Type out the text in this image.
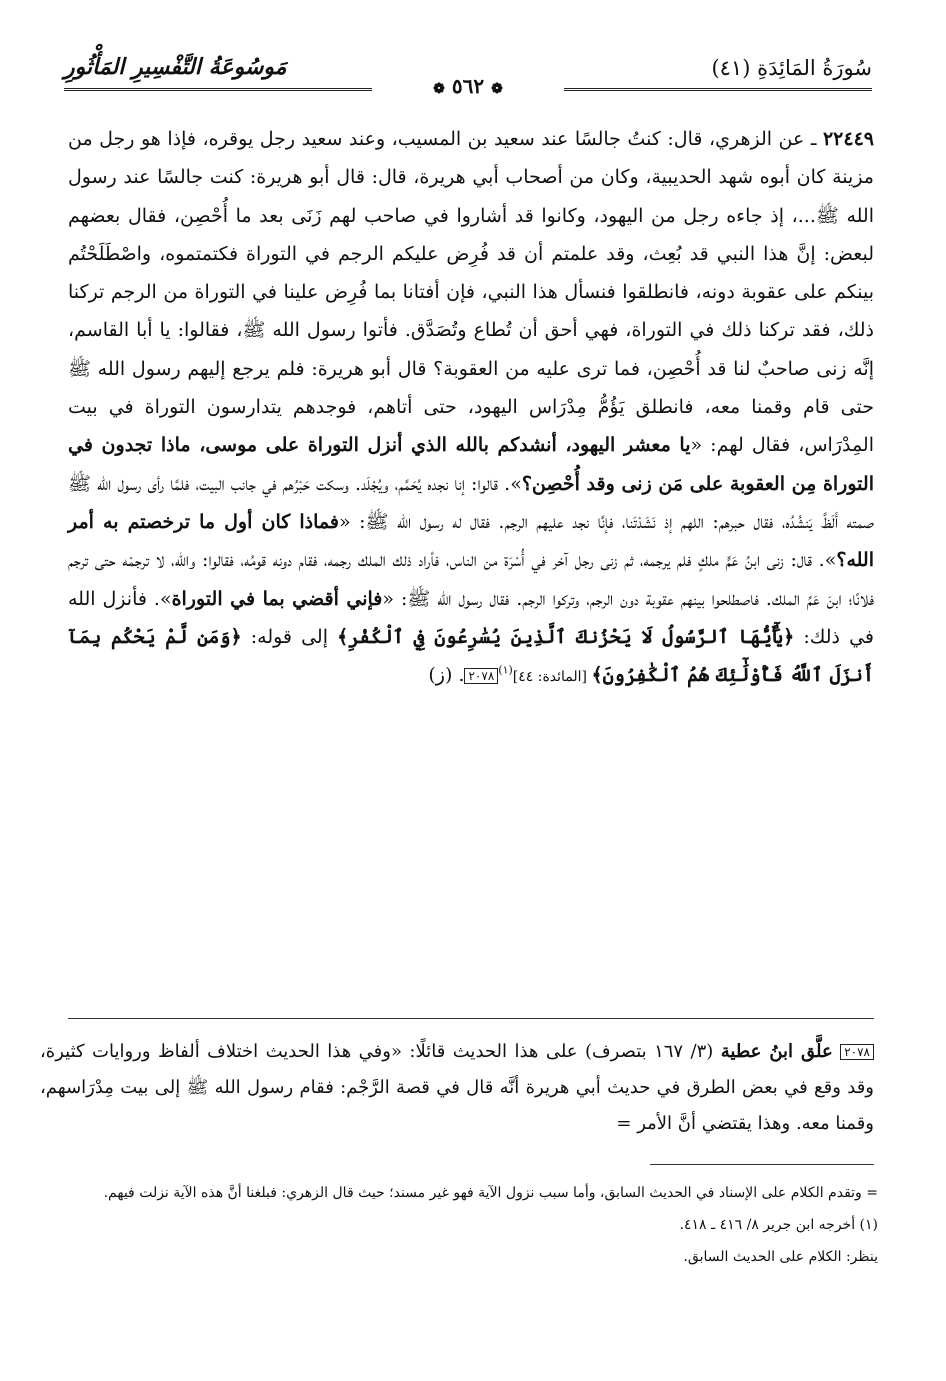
سُورَةُ المَائِدَةِ (٤١)
مَوسُوعَةُ التَّفْسِيرِ المَأْثُورِ
❁ ٥٦٢ ❁

٢٢٤٤٩ ـ عن الزهري، قال: كنتُ جالسًا عند سعيد بن المسيب، وعند سعيد رجل يوقره، فإذا هو رجل من مزينة كان أبوه شهد الحديبية، وكان من أصحاب أبي هريرة، قال: قال أبو هريرة: كنت جالسًا عند رسول الله ﷺ...، إذ جاءه رجل من اليهود، وكانوا قد أشاروا في صاحب لهم زَنَى بعد ما أُحْصِن، فقال بعضهم لبعض: إنَّ هذا النبي قد بُعِث، وقد علمتم أن قد فُرِض عليكم الرجم في التوراة فكتمتموه، واصْطَلَحْتُم بينكم على عقوبة دونه، فانطلقوا فنسأل هذا النبي، فإن أفتانا بما فُرِض علينا في التوراة من الرجم تركنا ذلك، فقد تركنا ذلك في التوراة، فهي أحق أن تُطاع وتُصَدَّق. فأتوا رسول الله ﷺ، فقالوا: يا أبا القاسم، إنَّه زنى صاحبٌ لنا قد أُحْصِن، فما ترى عليه من العقوبة؟ قال أبو هريرة: فلم يرجع إليهم رسول الله ﷺ حتى قام وقمنا معه، فانطلق يَؤُمُّ مِدْرَاس اليهود، حتى أتاهم، فوجدهم يتدارسون التوراة في بيت المِدْرَاس، فقال لهم: «يا معشر اليهود، أنشدكم بالله الذي أنزل التوراة على موسى، ماذا تجدون في التوراة مِن العقوبة على مَن زنى وقد أُحْصِن؟». قالوا: إنا نجده يُحَمَّم، ويُجْلَد. وسكت حَبْرُهم في جانب البيت، فلمَّا رأى رسول الله ﷺ صمته أَلَظَّ يَنشُدُه، فقال حبرهم: اللهم إذ نَشَدْتَنا، فإنَّا نجد عليهم الرجم. فقال له رسول الله ﷺ: «فماذا كان أول ما ترخصتم به أمر الله؟». قال: زنى ابنُ عَمٍّ ملكٍ فلم يرجمه، ثم زنى رجل آخر في أُسْرَة من الناس، فأراد ذلك الملك رجمه، فقام دونه قومُه، فقالوا: والله، لا ترجمْه حتى ترجم فلانًا؛ ابنَ عَمِّ الملك. فاصطلحوا بينهم عقوبة دون الرجم، وتركوا الرجم. فقال رسول الله ﷺ: «فإني أقضي بما في التوراة». فأنزل الله في ذلك: ﴿يَٰٓأَيُّهَا ٱلرَّسُولُ لَا يَحْزُنكَ ٱلَّذِينَ يُسَٰرِعُونَ فِي ٱلْكُفْرِ﴾ إلى قوله: ﴿وَمَن لَّمْ يَحْكُم بِمَآ أَنزَلَ ٱللَّهُ فَأُوْلَٰٓئِكَ هُمُ ٱلْكَٰفِرُونَ﴾ [المائدة: ٤٤]$^{(١)}$٢٠٧٨. (ز)

٢٠٧٨ علَّق ابنُ عطية (٣/ ١٦٧ بتصرف) على هذا الحديث قائلًا: «وفي هذا الحديث اختلاف ألفاظ وروايات كثيرة، وقد وقع في بعض الطرق في حديث أبي هريرة أنَّه قال في قصة الرَّجْم: فقام رسول الله ﷺ إلى بيت مِدْرَاسهم، وقمنا معه. وهذا يقتضي أنَّ الأمر =

= وتقدم الكلام على الإسناد في الحديث السابق، وأما سبب نزول الآية فهو غير مسند؛ حيث قال الزهري: فبلغنا أنَّ هذه الآية نزلت فيهم.

(١) أخرجه ابن جرير ٨/ ٤١٦ ـ ٤١٨.

ينظر: الكلام على الحديث السابق.
